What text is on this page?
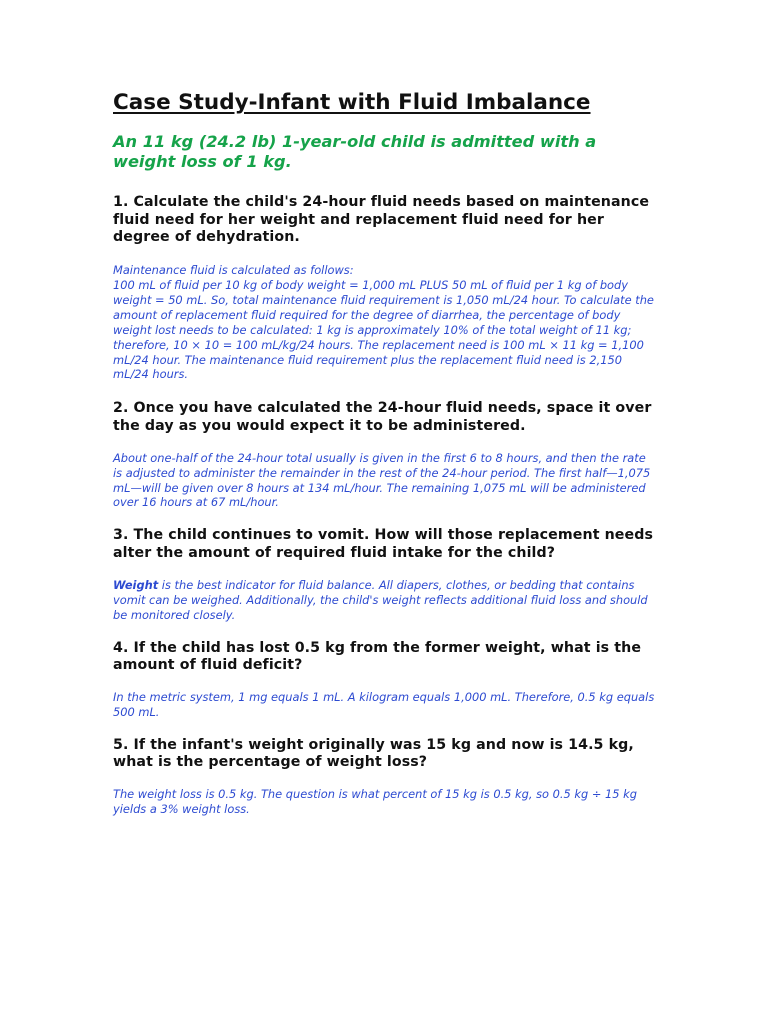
Case Study-Infant with Fluid Imbalance

An 11 kg (24.2 lb) 1-year-old child is admitted with a weight loss of 1 kg.

1. Calculate the child's 24-hour fluid needs based on maintenance fluid need for her weight and replacement fluid need for her degree of dehydration.

Maintenance fluid is calculated as follows:
100 mL of fluid per 10 kg of body weight = 1,000 mL PLUS 50 mL of fluid per 1 kg of body weight = 50 mL. So, total maintenance fluid requirement is 1,050 mL/24 hour. To calculate the amount of replacement fluid required for the degree of diarrhea, the percentage of body weight lost needs to be calculated: 1 kg is approximately 10% of the total weight of 11 kg; therefore, 10 × 10 = 100 mL/kg/24 hours. The replacement need is 100 mL × 11 kg = 1,100 mL/24 hour. The maintenance fluid requirement plus the replacement fluid need is 2,150 mL/24 hours.

2. Once you have calculated the 24-hour fluid needs, space it over the day as you would expect it to be administered.

About one-half of the 24-hour total usually is given in the first 6 to 8 hours, and then the rate is adjusted to administer the remainder in the rest of the 24-hour period. The first half—1,075 mL—will be given over 8 hours at 134 mL/hour. The remaining 1,075 mL will be administered over 16 hours at 67 mL/hour.

3. The child continues to vomit. How will those replacement needs alter the amount of required fluid intake for the child?

Weight is the best indicator for fluid balance. All diapers, clothes, or bedding that contains vomit can be weighed. Additionally, the child's weight reflects additional fluid loss and should be monitored closely.

4. If the child has lost 0.5 kg from the former weight, what is the amount of fluid deficit?

In the metric system, 1 mg equals 1 mL. A kilogram equals 1,000 mL. Therefore, 0.5 kg equals 500 mL.

5. If the infant's weight originally was 15 kg and now is 14.5 kg, what is the percentage of weight loss?

The weight loss is 0.5 kg. The question is what percent of 15 kg is 0.5 kg, so 0.5 kg ÷ 15 kg yields a 3% weight loss.
